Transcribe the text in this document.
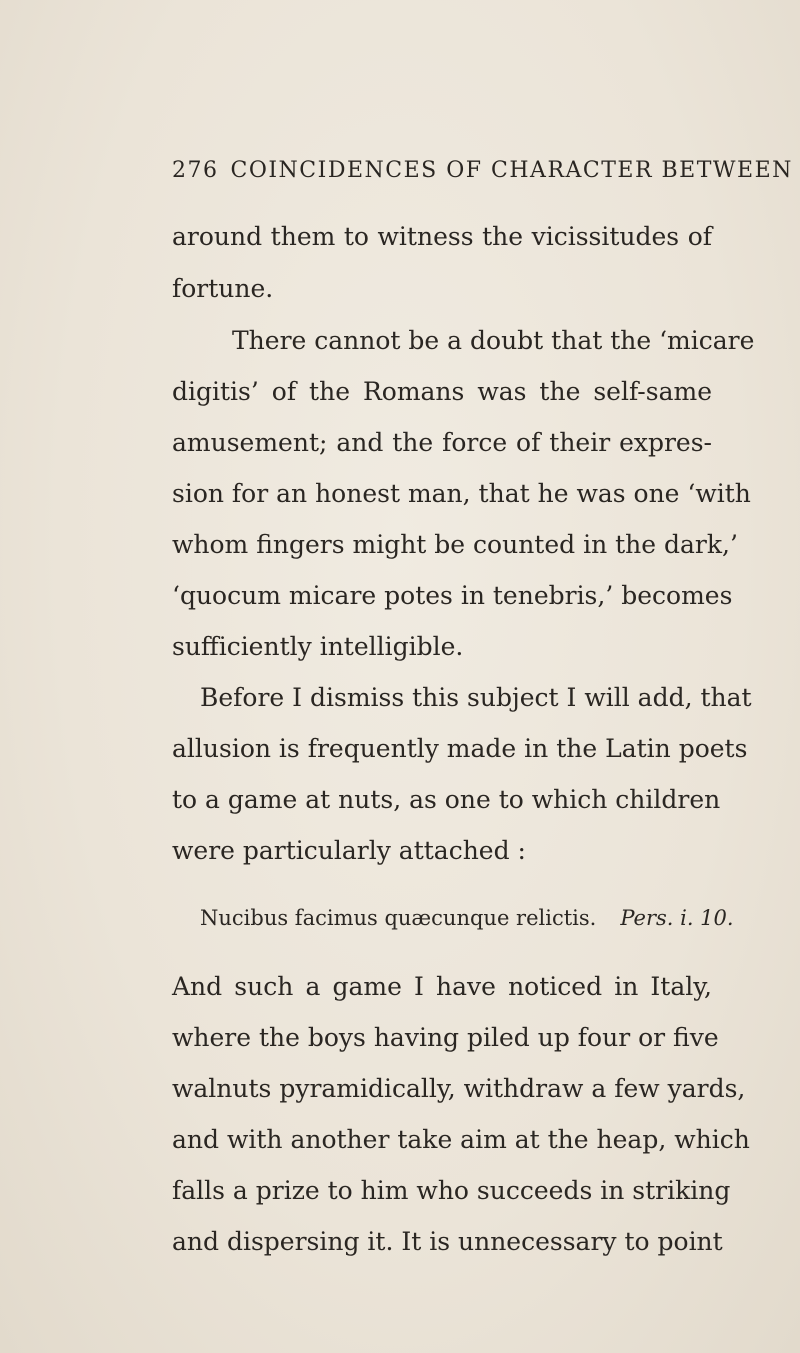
276 COINCIDENCES OF CHARACTER BETWEEN
around them to witness the vicissitudes of
fortune.
There cannot be a doubt that the ‘micare
digitis’ of the Romans was the self-same
amusement; and the force of their expres-
sion for an honest man, that he was one ‘with
whom fingers might be counted in the dark,’
‘quocum micare potes in tenebris,’ becomes
sufficiently intelligible.
Before I dismiss this subject I will add, that
allusion is frequently made in the Latin poets
to a game at nuts, as one to which children
were particularly attached :
Nucibus facimus quæcunque relictis. Pers. i. 10.
And such a game I have noticed in Italy,
where the boys having piled up four or five
walnuts pyramidically, withdraw a few yards,
and with another take aim at the heap, which
falls a prize to him who succeeds in striking
and dispersing it. It is unnecessary to point
